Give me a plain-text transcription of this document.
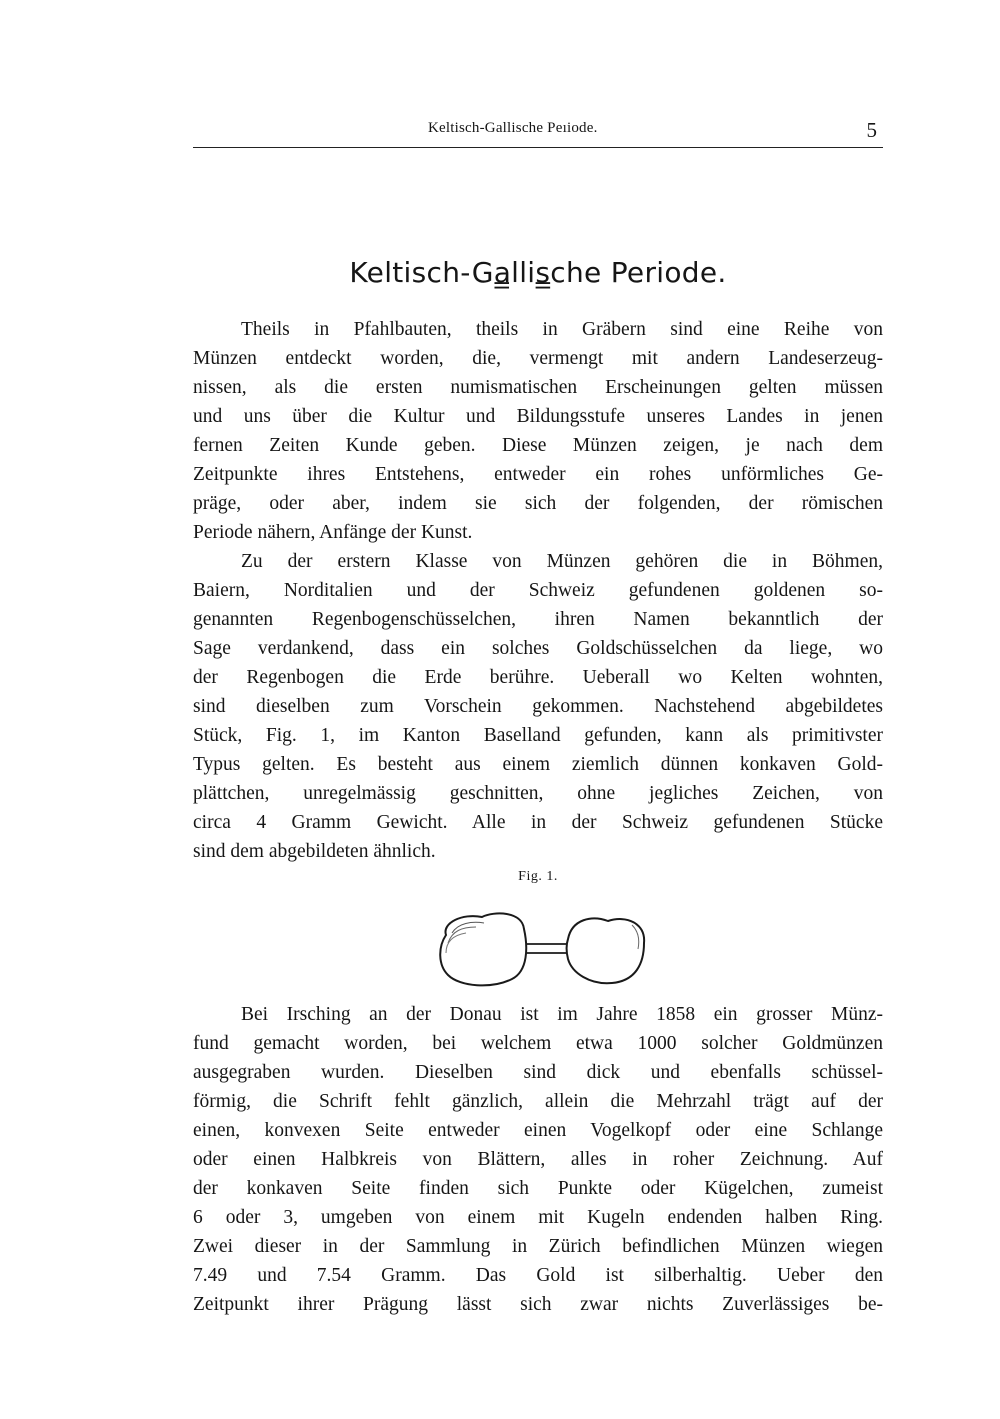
Keltisch-Gallische Peıiode.	5
Keltisch-Ga̳llis̳che Periode.
Theils in Pfahlbauten, theils in Gräbern sind eine Reihe von
Münzen entdeckt worden, die, vermengt mit andern Landeserzeug-
nissen, als die ersten numismatischen Erscheinungen gelten müssen
und uns über die Kultur und Bildungsstufe unseres Landes in jenen
fernen Zeiten Kunde geben. Diese Münzen zeigen, je nach dem
Zeitpunkte ihres Entstehens, entweder ein rohes unförmliches Ge-
präge, oder aber, indem sie sich der folgenden, der römischen
Periode nähern, Anfänge der Kunst.
Zu der erstern Klasse von Münzen gehören die in Böhmen,
Baiern, Norditalien und der Schweiz gefundenen goldenen so-
genannten Regenbogenschüsselchen, ihren Namen bekanntlich der
Sage verdankend, dass ein solches Goldschüsselchen da liege, wo
der Regenbogen die Erde berühre. Ueberall wo Kelten wohnten,
sind dieselben zum Vorschein gekommen. Nachstehend abgebildetes
Stück, Fig. 1, im Kanton Baselland gefunden, kann als primitivster
Typus gelten. Es besteht aus einem ziemlich dünnen konkaven Gold-
plättchen, unregelmässig geschnitten, ohne jegliches Zeichen, von
circa 4 Gramm Gewicht. Alle in der Schweiz gefundenen Stücke
sind dem abgebildeten ähnlich.
Fig. 1.
Bei Irsching an der Donau ist im Jahre 1858 ein grosser Münz-
fund gemacht worden, bei welchem etwa 1000 solcher Goldmünzen
ausgegraben wurden. Dieselben sind dick und ebenfalls schüssel-
förmig, die Schrift fehlt gänzlich, allein die Mehrzahl trägt auf der
einen, konvexen Seite entweder einen Vogelkopf oder eine Schlange
oder einen Halbkreis von Blättern, alles in roher Zeichnung. Auf
der konkaven Seite finden sich Punkte oder Kügelchen, zumeist
6 oder 3, umgeben von einem mit Kugeln endenden halben Ring.
Zwei dieser in der Sammlung in Zürich befindlichen Münzen wiegen
7.49 und 7.54 Gramm. Das Gold ist silberhaltig. Ueber den
Zeitpunkt ihrer Prägung lässt sich zwar nichts Zuverlässiges be-
